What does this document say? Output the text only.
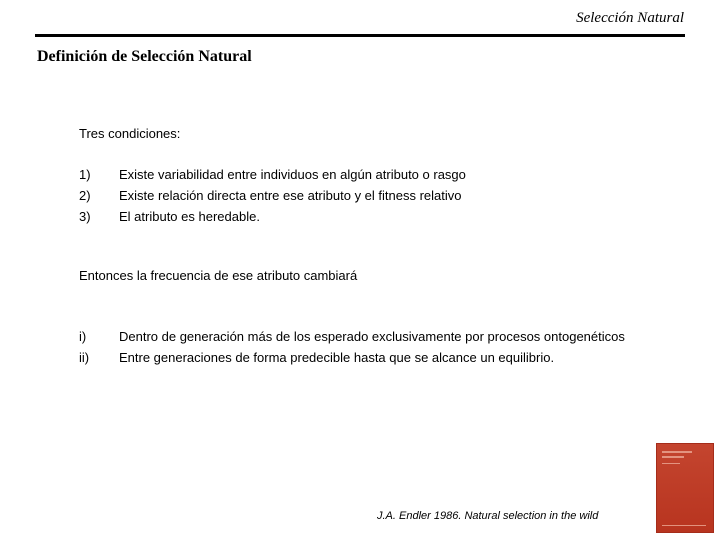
Selección Natural
Definición de Selección Natural
Tres condiciones:
1)	Existe variabilidad entre individuos en algún atributo o rasgo
2)	Existe relación directa entre ese atributo y el fitness relativo
3)	El atributo es heredable.
Entonces la frecuencia de ese atributo cambiará
i)	Dentro de generación más de los esperado exclusivamente por procesos ontogenéticos
ii)	Entre generaciones de forma predecible hasta que se alcance un equilibrio.
J.A. Endler 1986. Natural selection in the wild
